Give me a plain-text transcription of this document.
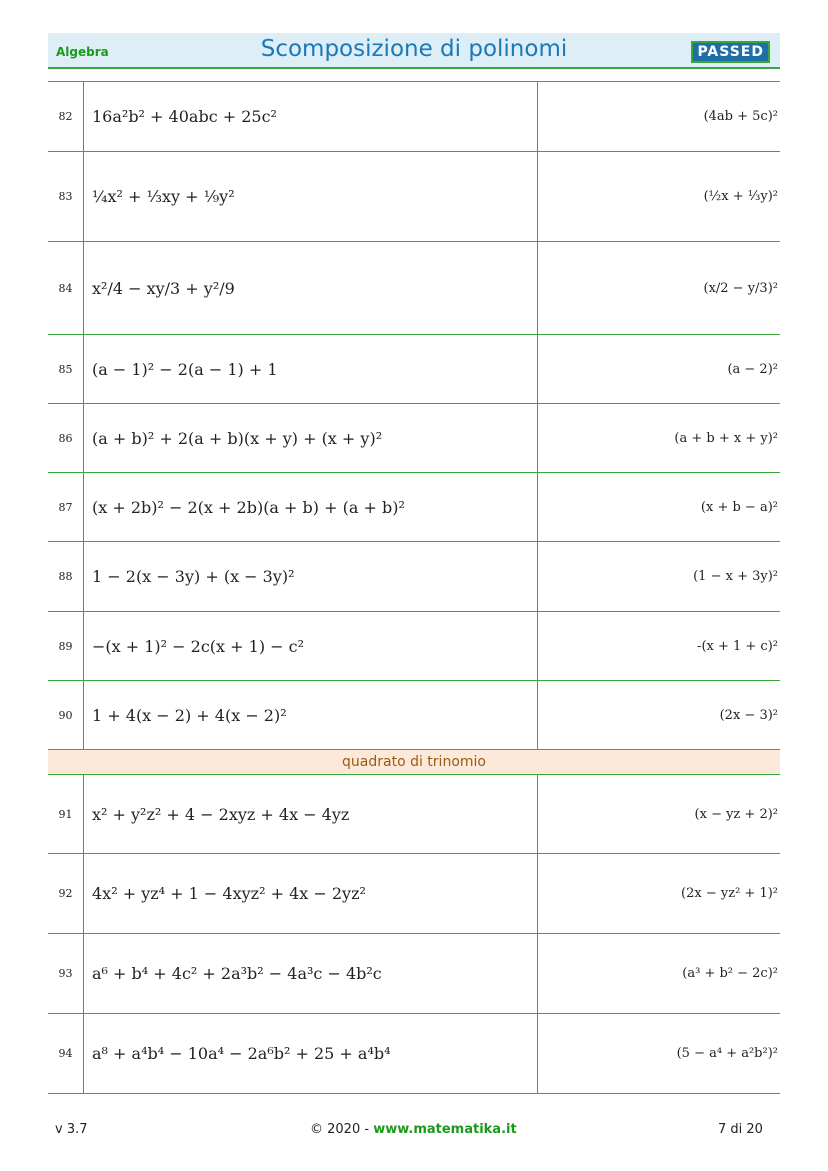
Algebra	Scomposizione di polinomi	PASSED
82	16a²b² + 40abc + 25c²	(4ab + 5c)²
83	¼x² + ⅓xy + ⅑y²	(½x + ⅓y)²
84	x²/4 − xy/3 + y²/9	(x/2 − y/3)²
85	(a − 1)² − 2(a − 1) + 1	(a − 2)²
86	(a + b)² + 2(a + b)(x + y) + (x + y)²	(a + b + x + y)²
87	(x + 2b)² − 2(x + 2b)(a + b) + (a + b)²	(x + b − a)²
88	1 − 2(x − 3y) + (x − 3y)²	(1 − x + 3y)²
89	−(x + 1)² − 2c(x + 1) − c²	-(x + 1 + c)²
90	1 + 4(x − 2) + 4(x − 2)²	(2x − 3)²
quadrato di trinomio		
91	x² + y²z² + 4 − 2xyz + 4x − 4yz	(x − yz + 2)²
92	4x² + yz⁴ + 1 − 4xyz² + 4x − 2yz²	(2x − yz² + 1)²
93	a⁶ + b⁴ + 4c² + 2a³b² − 4a³c − 4b²c	(a³ + b² − 2c)²
94	a⁸ + a⁴b⁴ − 10a⁴ − 2a⁶b² + 25 + a⁴b⁴	(5 − a⁴ + a²b²)²
v 3.7	© 2020 - www.matematika.it	7 di 20
